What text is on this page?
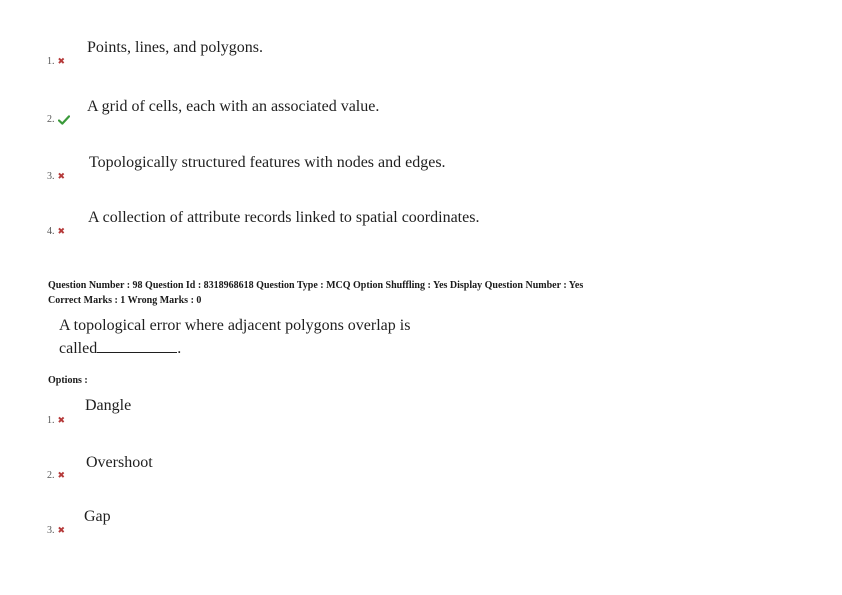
1. ✖
Points, lines, and polygons.
2.
A grid of cells, each with an associated value.
3. ✖
Topologically structured features with nodes and edges.
4. ✖
A collection of attribute records linked to spatial coordinates.
Question Number : 98 Question Id : 8318968618 Question Type : MCQ Option Shuffling : Yes Display Question Number : Yes
Correct Marks : 1 Wrong Marks : 0
A topological error where adjacent polygons overlap is
called	.
Options :
1. ✖
Dangle
2. ✖
Overshoot
3. ✖
Gap
